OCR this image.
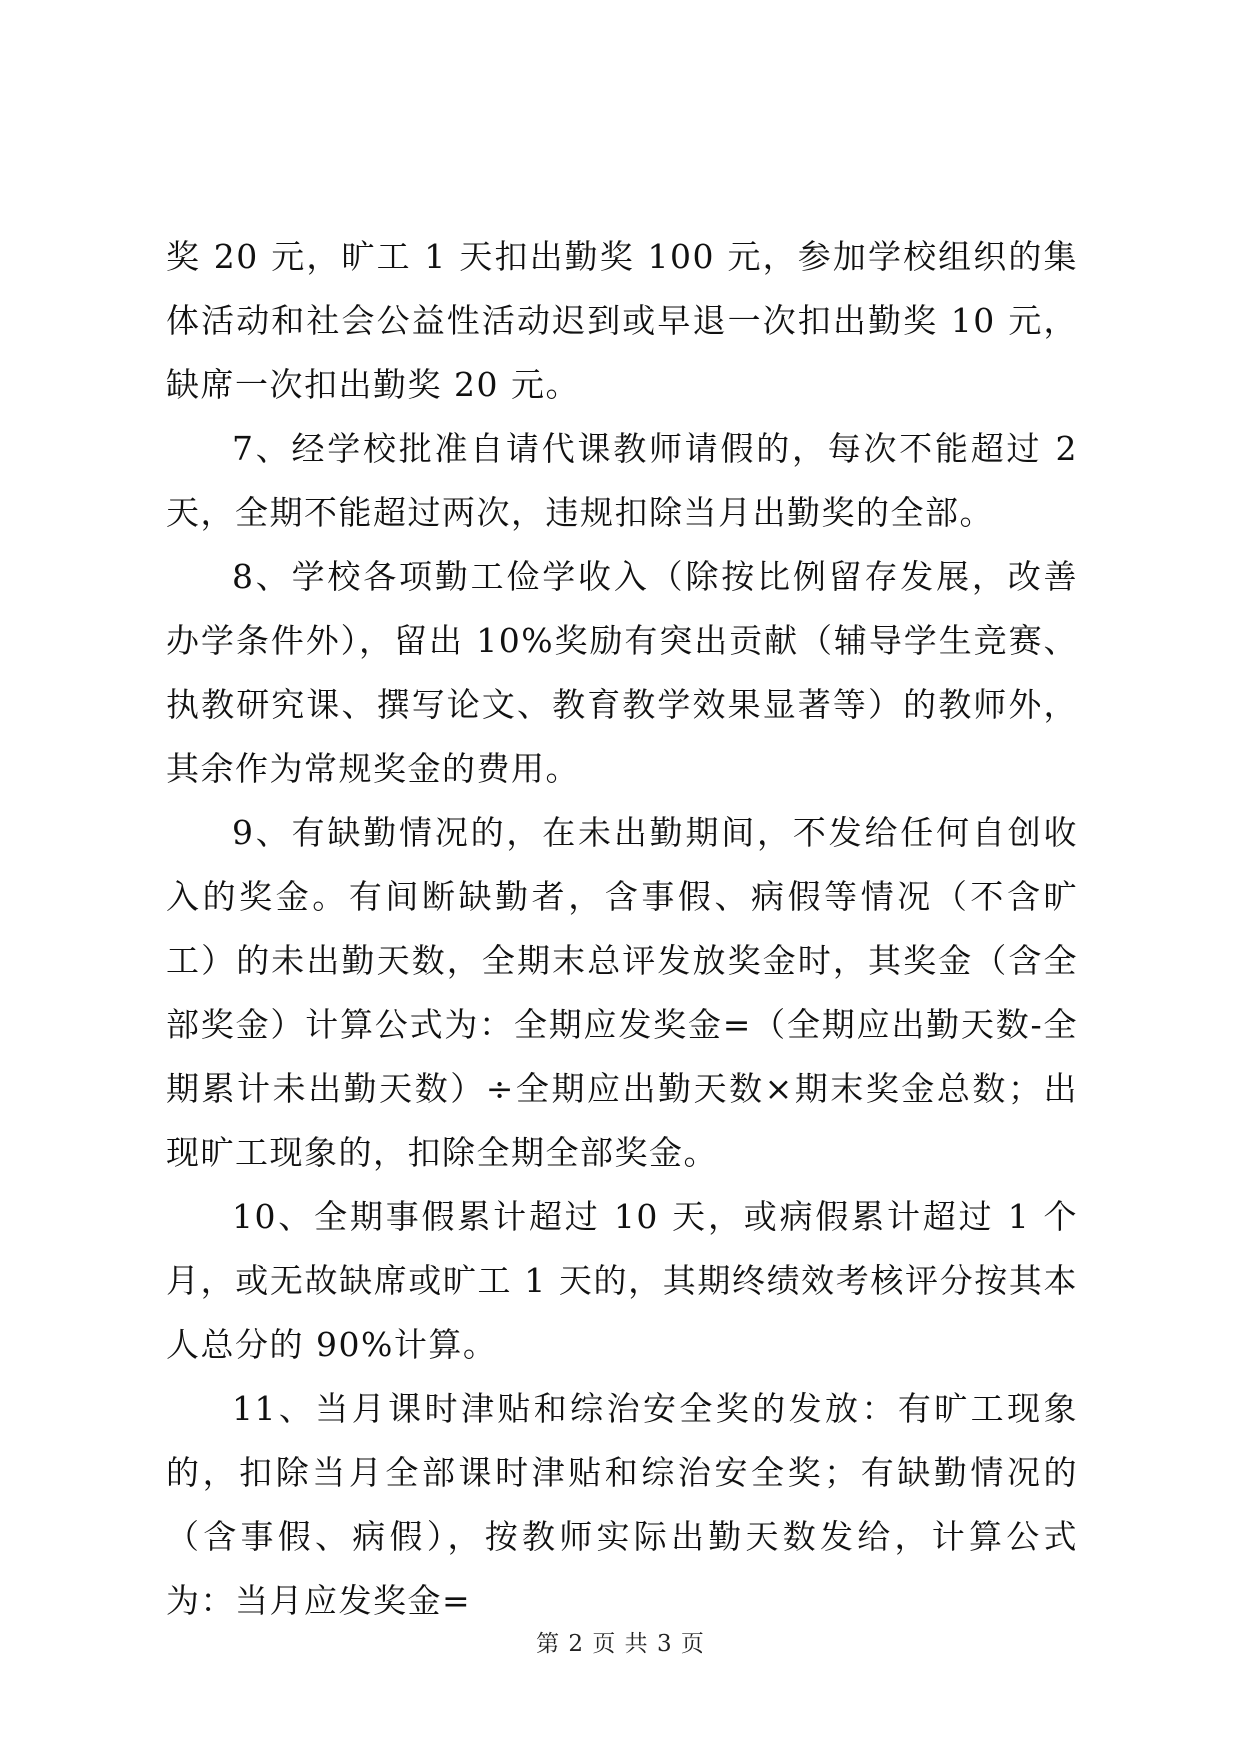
奖 20 元，旷工 1 天扣出勤奖 100 元，参加学校组织的集体活动和社会公益性活动迟到或早退一次扣出勤奖 10 元，缺席一次扣出勤奖 20 元。

7、经学校批准自请代课教师请假的，每次不能超过 2 天，全期不能超过两次，违规扣除当月出勤奖的全部。

8、学校各项勤工俭学收入（除按比例留存发展，改善办学条件外），留出 10%奖励有突出贡献（辅导学生竞赛、执教研究课、撰写论文、教育教学效果显著等）的教师外，其余作为常规奖金的费用。

9、有缺勤情况的，在未出勤期间，不发给任何自创收入的奖金。有间断缺勤者，含事假、病假等情况（不含旷工）的未出勤天数，全期末总评发放奖金时，其奖金（含全部奖金）计算公式为：全期应发奖金=（全期应出勤天数-全期累计未出勤天数）÷全期应出勤天数×期末奖金总数；出现旷工现象的，扣除全期全部奖金。

10、全期事假累计超过 10 天，或病假累计超过 1 个月，或无故缺席或旷工 1 天的，其期终绩效考核评分按其本人总分的 90%计算。

11、当月课时津贴和综治安全奖的发放：有旷工现象的，扣除当月全部课时津贴和综治安全奖；有缺勤情况的（含事假、病假），按教师实际出勤天数发给，计算公式为：当月应发奖金=

第 2 页 共 3 页
